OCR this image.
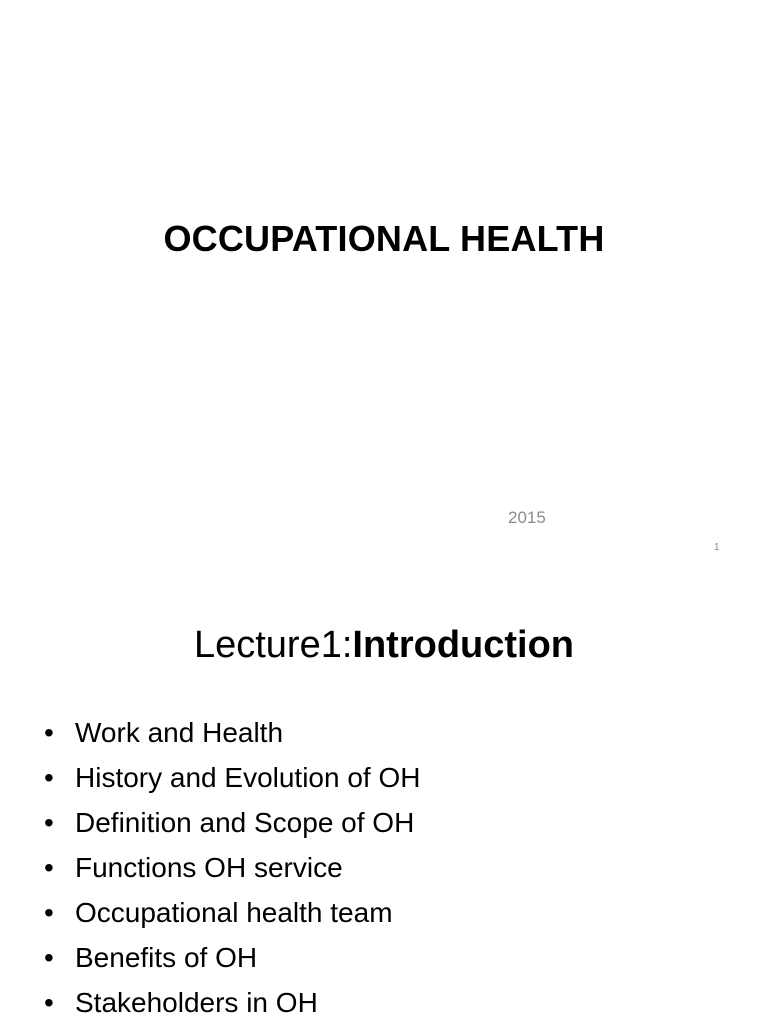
OCCUPATIONAL HEALTH
2015
1
Lecture1:Introduction
• Work and Health
• History and Evolution of OH
• Definition and Scope of OH
• Functions OH service
• Occupational health team
• Benefits of OH
• Stakeholders in OH
